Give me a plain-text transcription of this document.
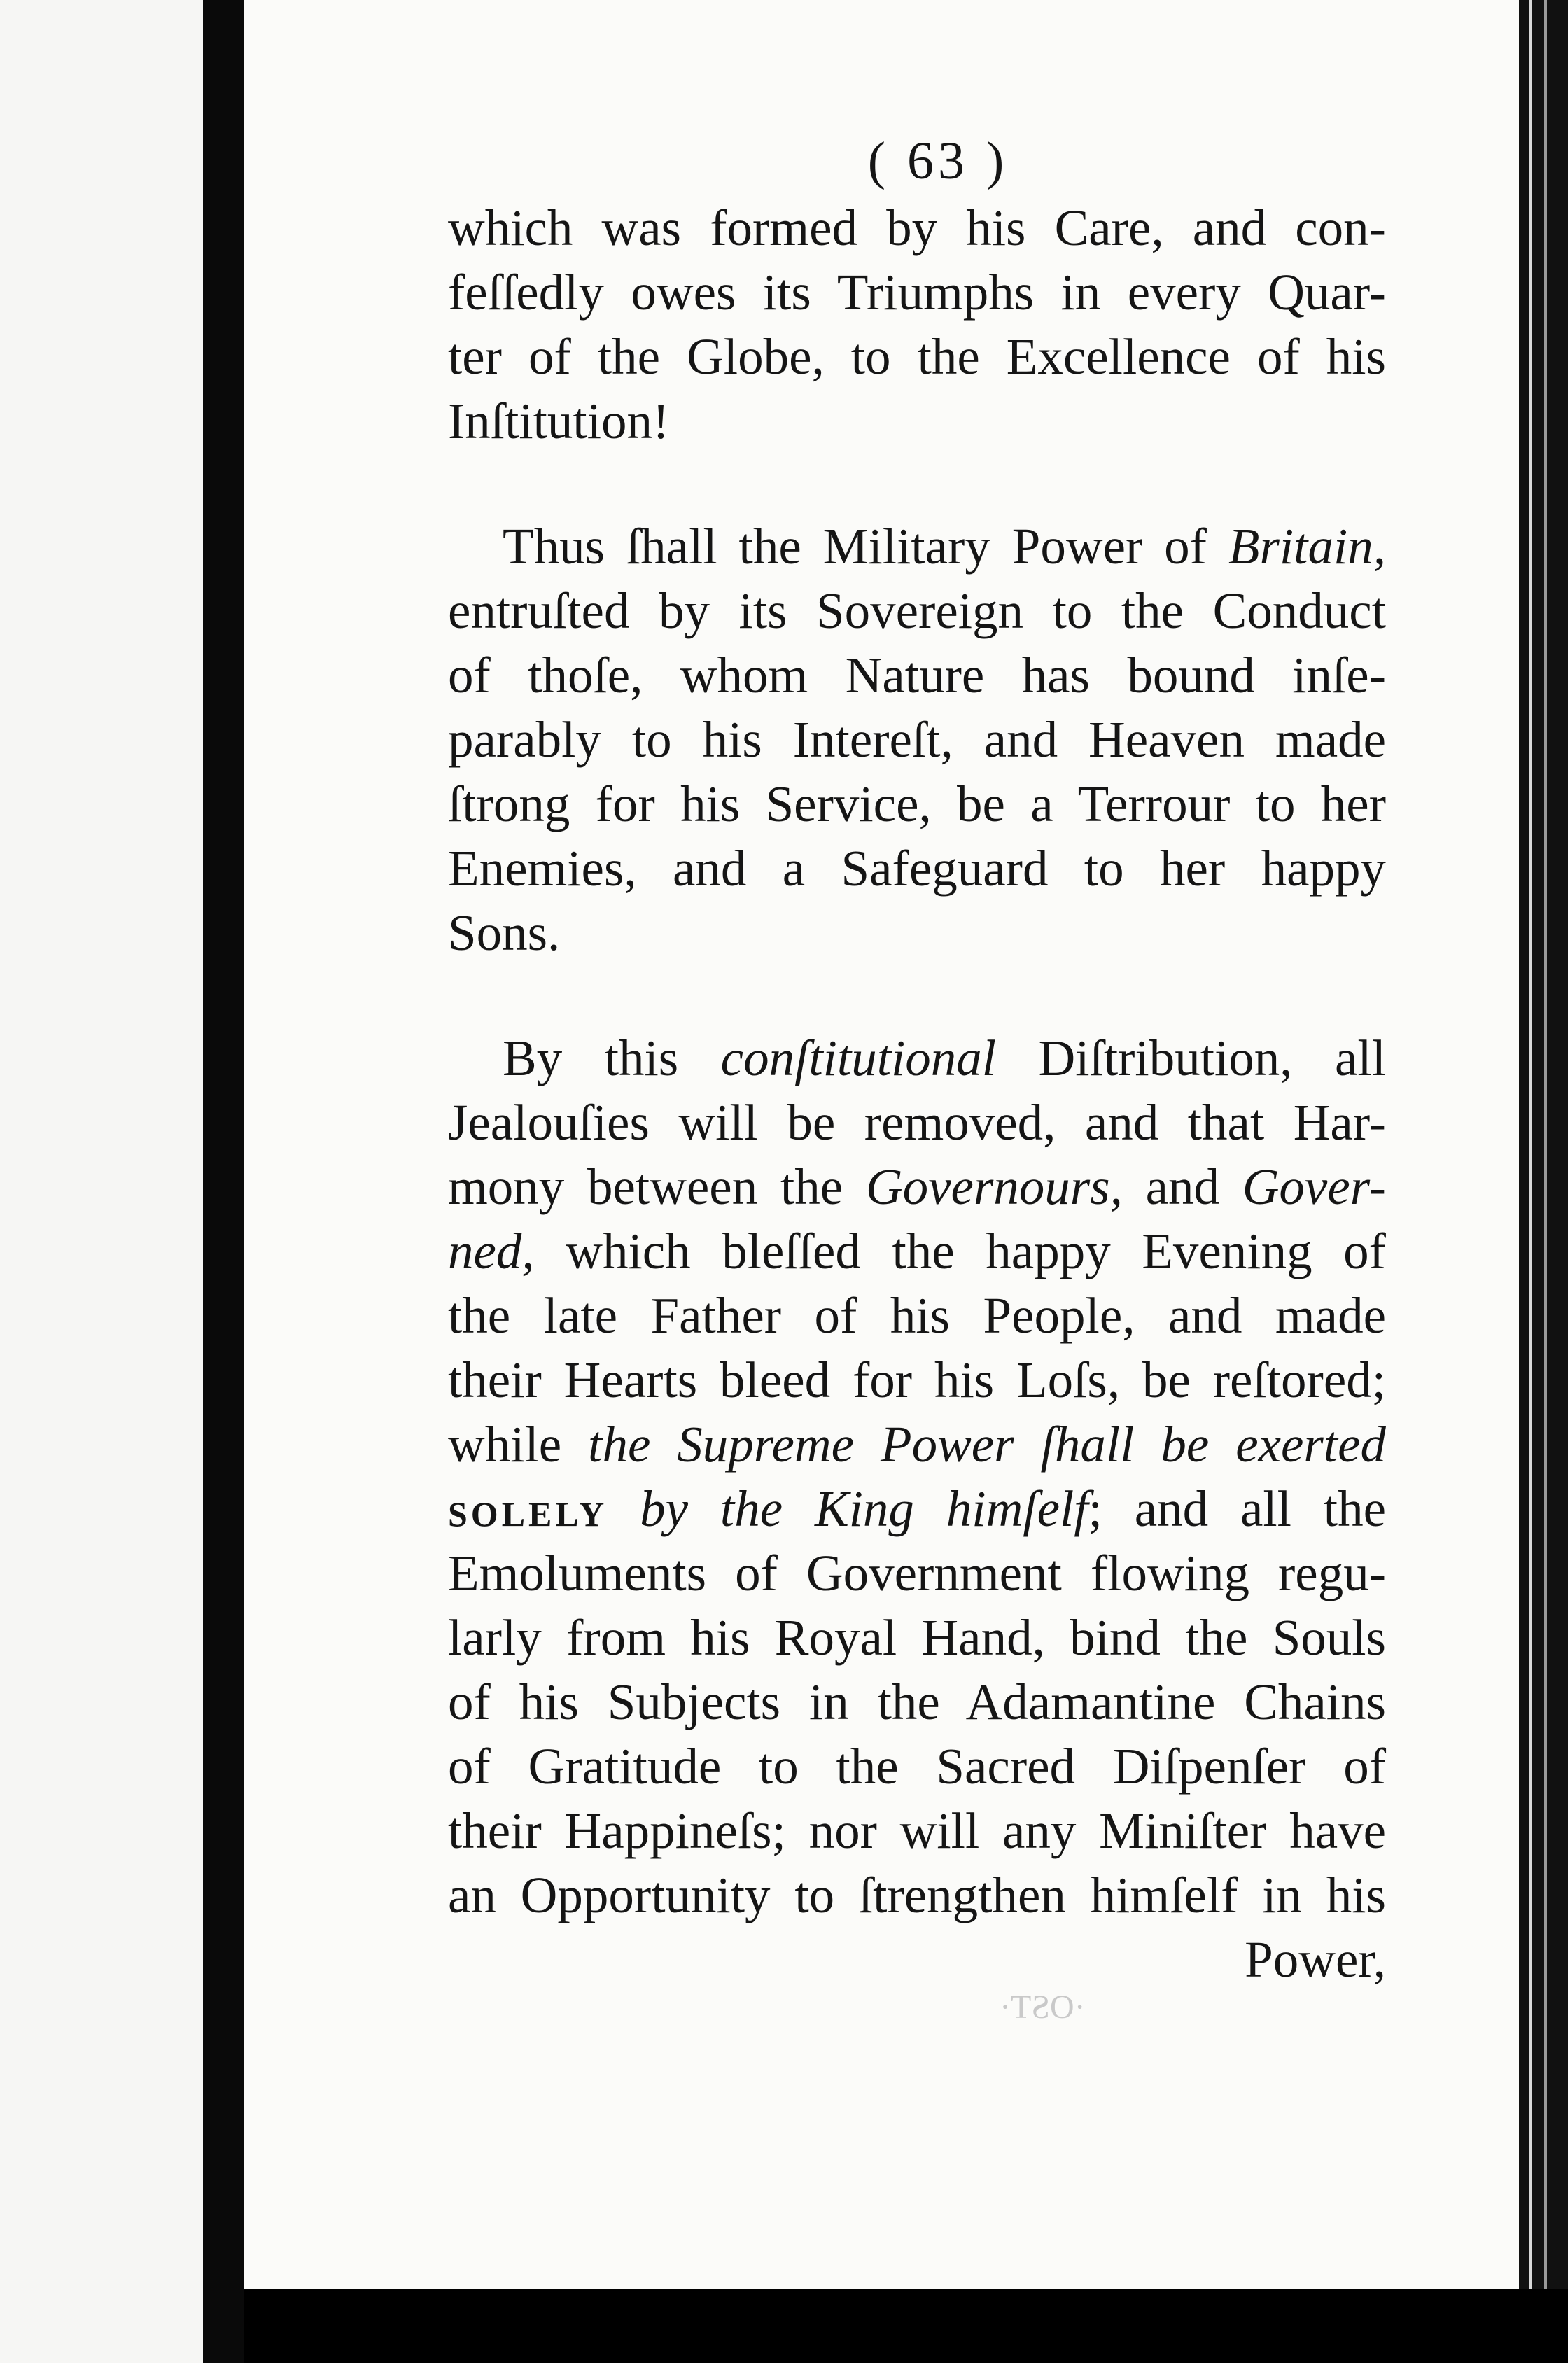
·OST·
( 63 )
which was formed by his Care, and con-
feſſedly owes its Triumphs in every Quar-
ter of the Globe, to the Excellence of his
Inſtitution!
Thus ſhall the Military Power of Britain,
entruſted by its Sovereign to the Conduct
of thoſe, whom Nature has bound inſe-
parably to his Intereſt, and Heaven made
ſtrong for his Service, be a Terrour to her
Enemies, and a Safeguard to her happy
Sons.
By this conſtitutional Diſtribution, all
Jealouſies will be removed, and that Har-
mony between the Governours, and Gover-
ned, which bleſſed the happy Evening of
the late Father of his People, and made
their Hearts bleed for his Loſs, be reſtored;
while the Supreme Power ſhall be exerted
SOLELY by the King himſelf; and all the
Emoluments of Government flowing regu-
larly from his Royal Hand, bind the Souls
of his Subjects in the Adamantine Chains
of Gratitude to the Sacred Diſpenſer of
their Happineſs; nor will any Miniſter have
an Opportunity to ſtrengthen himſelf in his
Power,
